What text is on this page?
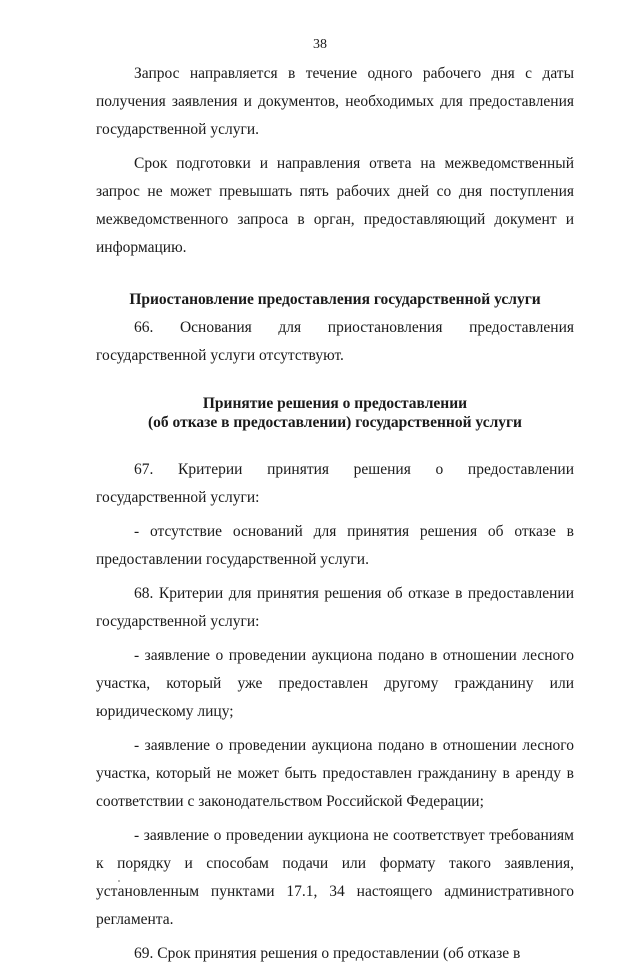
38

Запрос направляется в течение одного рабочего дня с даты получения заявления и документов, необходимых для предоставления государственной услуги.

Срок подготовки и направления ответа на межведомственный запрос не может превышать пять рабочих дней со дня поступления межведомственного запроса в орган, предоставляющий документ и информацию.

Приостановление предоставления государственной услуги

66. Основания для приостановления предоставления государственной услуги отсутствуют.

Принятие решения о предоставлении
(об отказе в предоставлении) государственной услуги

67. Критерии принятия решения о предоставлении государственной услуги:

- отсутствие оснований для принятия решения об отказе в предоставлении государственной услуги.

68. Критерии для принятия решения об отказе в предоставлении государственной услуги:

- заявление о проведении аукциона подано в отношении лесного участка, который уже предоставлен другому гражданину или юридическому лицу;

- заявление о проведении аукциона подано в отношении лесного участка, который не может быть предоставлен гражданину в аренду в соответствии с законодательством Российской Федерации;

- заявление о проведении аукциона не соответствует требованиям к порядку и способам подачи или формату такого заявления, установленным пунктами 17.1, 34 настоящего административного регламента.

69. Срок принятия решения о предоставлении (об отказе в
